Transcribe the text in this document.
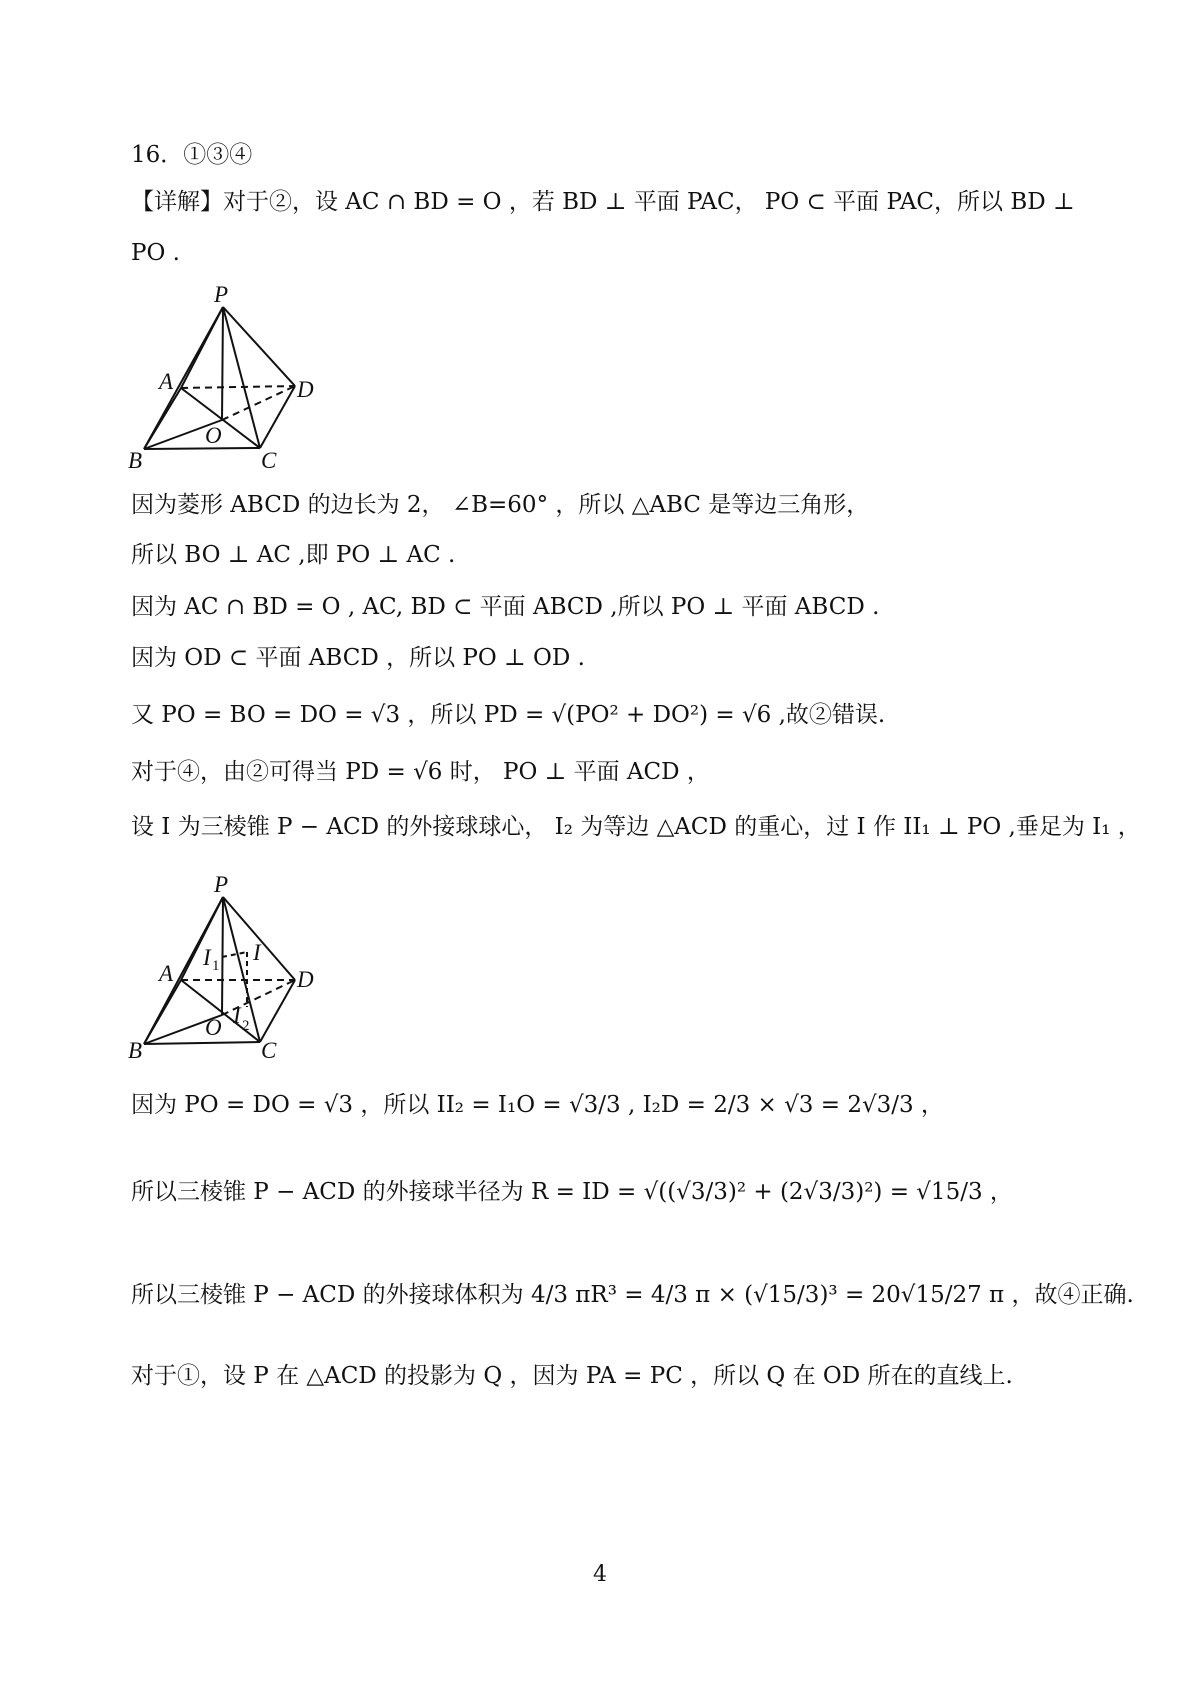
16．①③④
【详解】对于②，设 AC ∩ BD = O ，若 BD ⊥ 平面 PAC， PO ⊂ 平面 PAC，所以 BD ⊥
PO .
P
A	D
O
B	C
因为菱形 ABCD 的边长为 2， ∠B=60° ，所以 △ABC 是等边三角形，
所以 BO ⊥ AC ,即 PO ⊥ AC .
因为 AC ∩ BD = O , AC, BD ⊂ 平面 ABCD ,所以 PO ⊥ 平面 ABCD .
因为 OD ⊂ 平面 ABCD ，所以 PO ⊥ OD .
又 PO = BO = DO = √3 ，所以 PD = √(PO² + DO²) = √6 ,故②错误.
对于④，由②可得当 PD = √6 时， PO ⊥ 平面 ACD ，
设 I 为三棱锥 P − ACD 的外接球球心， I₂ 为等边 △ACD 的重心，过 I 作 II₁ ⊥ PO ,垂足为 I₁ ，
P
A	D
O
B	C
I
I 1
I 2
因为 PO = DO = √3 ，所以 II₂ = I₁O = √3/3 , I₂D = 2/3 × √3 = 2√3/3 ，
所以三棱锥 P − ACD 的外接球半径为 R = ID = √((√3/3)² + (2√3/3)²) = √15/3 ，
所以三棱锥 P − ACD 的外接球体积为 4/3 πR³ = 4/3 π × (√15/3)³ = 20√15/27 π ，故④正确.
对于①，设 P 在 △ACD 的投影为 Q ，因为 PA = PC ，所以 Q 在 OD 所在的直线上.
4
